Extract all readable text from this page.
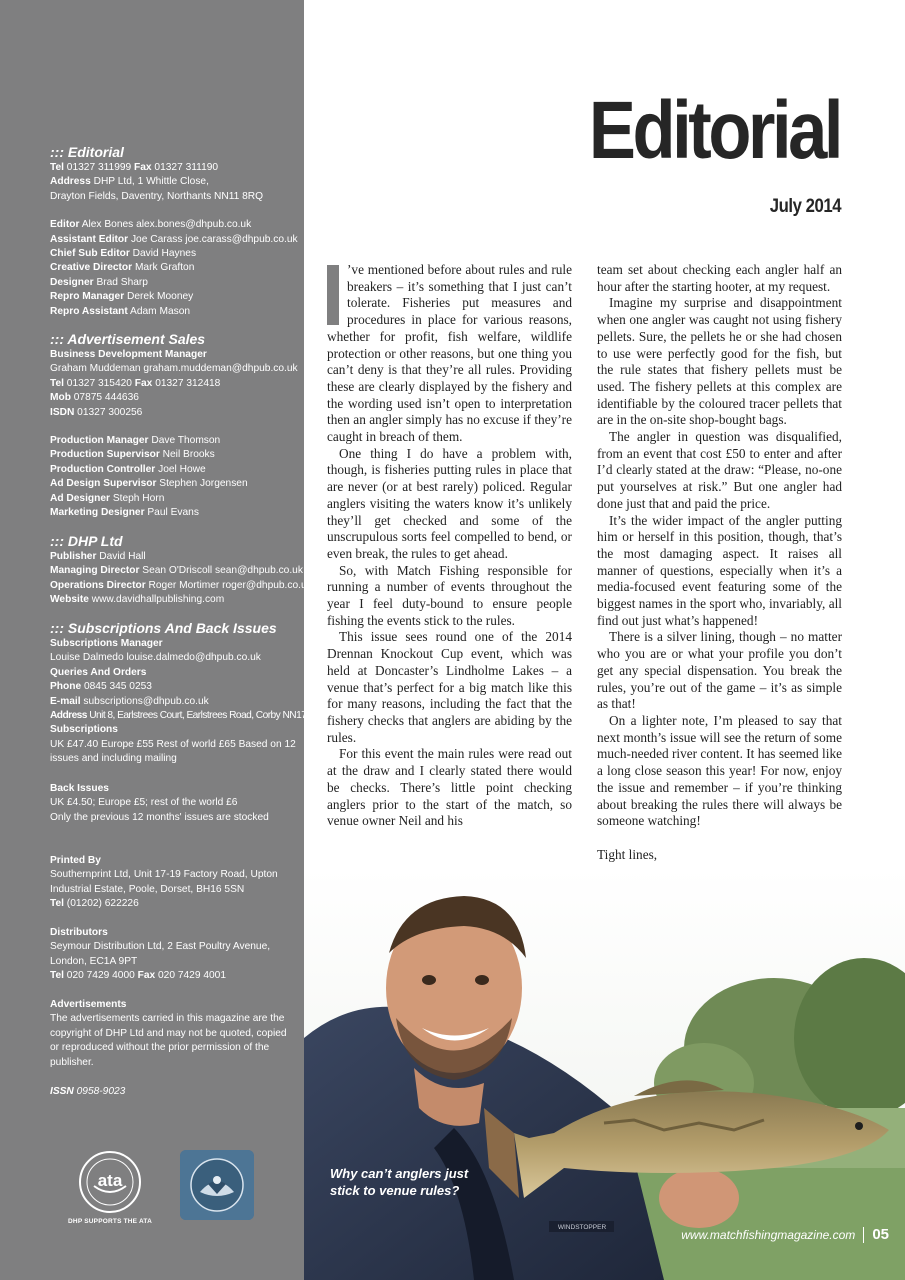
::: Editorial

Tel 01327 311999 Fax 01327 311190

Address DHP Ltd, 1 Whittle Close,

Drayton Fields, Daventry, Northants NN11 8RQ

Editor Alex Bones alex.bones@dhpub.co.uk

Assistant Editor Joe Carass joe.carass@dhpub.co.uk

Chief Sub Editor David Haynes

Creative Director Mark Grafton

Designer Brad Sharp

Repro Manager Derek Mooney

Repro Assistant Adam Mason

::: Advertisement Sales

Business Development Manager

Graham Muddeman graham.muddeman@dhpub.co.uk

Tel 01327 315420 Fax 01327 312418

Mob 07875 444636

ISDN 01327 300256

Production Manager Dave Thomson

Production Supervisor Neil Brooks

Production Controller Joel Howe

Ad Design Supervisor Stephen Jorgensen

Ad Designer Steph Horn

Marketing Designer Paul Evans

::: DHP Ltd

Publisher David Hall

Managing Director Sean O'Driscoll sean@dhpub.co.uk

Operations Director Roger Mortimer roger@dhpub.co.uk

Website www.davidhallpublishing.com

::: Subscriptions And Back Issues

Subscriptions Manager

Louise Dalmedo louise.dalmedo@dhpub.co.uk

Queries And Orders

Phone 0845 345 0253

E-mail subscriptions@dhpub.co.uk

Address Unit 8, Earlstrees Court, Earlstrees Road, Corby NN17 4AX

Subscriptions

UK £47.40 Europe £55 Rest of world £65 Based on 12 issues and including mailing

Back Issues

UK £4.50; Europe £5; rest of the world £6

Only the previous 12 months' issues are stocked

Printed By

Southernprint Ltd, Unit 17-19 Factory Road, Upton Industrial Estate, Poole, Dorset, BH16 5SN

Tel (01202) 622226

Distributors

Seymour Distribution Ltd, 2 East Poultry Avenue, London, EC1A 9PT

Tel 020 7429 4000 Fax 020 7429 4001

Advertisements

The advertisements carried in this magazine are the copyright of DHP Ltd and may not be quoted, copied or reproduced without the prior permission of the publisher.

ISSN 0958-9023

ata
DHP SUPPORTS THE ATA
Editorial
July 2014

’ve mentioned before about rules and rule breakers – it’s something that I just can’t tolerate. Fisheries put measures and procedures in place for various reasons, whether for profit, fish welfare, wildlife protection or other reasons, but one thing you can’t deny is that they’re all rules. Providing these are clearly displayed by the fishery and the wording used isn’t open to interpretation then an angler simply has no excuse if they’re caught in breach of them.

One thing I do have a problem with, though, is fisheries putting rules in place that are never (or at best rarely) policed. Regular anglers visiting the waters know it’s unlikely they’ll get checked and some of the unscrupulous sorts feel compelled to bend, or even break, the rules to get ahead.

So, with Match Fishing responsible for running a number of events throughout the year I feel duty-bound to ensure people fishing the events stick to the rules.

This issue sees round one of the 2014 Drennan Knockout Cup event, which was held at Doncaster’s Lindholme Lakes – a venue that’s perfect for a big match like this for many reasons, including the fact that the fishery checks that anglers are abiding by the rules.

For this event the main rules were read out at the draw and I clearly stated there would be checks. There’s little point checking anglers prior to the start of the match, so venue owner Neil and his

team set about checking each angler half an hour after the starting hooter, at my request.

Imagine my surprise and disappointment when one angler was caught not using fishery pellets. Sure, the pellets he or she had chosen to use were perfectly good for the fish, but the rule states that fishery pellets must be used. The fishery pellets at this complex are identifiable by the coloured tracer pellets that are in the on-site shop-bought bags.

The angler in question was disqualified, from an event that cost £50 to enter and after I’d clearly stated at the draw: “Please, no-one put yourselves at risk.” But one angler had done just that and paid the price.

It’s the wider impact of the angler putting him or herself in this position, though, that’s the most damaging aspect. It raises all manner of questions, especially when it’s a media-focused event featuring some of the biggest names in the sport who, invariably, all find out just what’s happened!

There is a silver lining, though – no matter who you are or what your profile you don’t get any special dispensation. You break the rules, you’re out of the game – it’s as simple as that!

On a lighter note, I’m pleased to say that next month’s issue will see the return of some much-needed river content. It has seemed like a long close season this year! For now, enjoy the issue and remember – if you’re thinking about breaking the rules there will always be someone watching!

Tight lines,

WINDSTOPPER
Why can’t anglers just
stick to venue rules?
www.matchfishingmagazine.com 05
